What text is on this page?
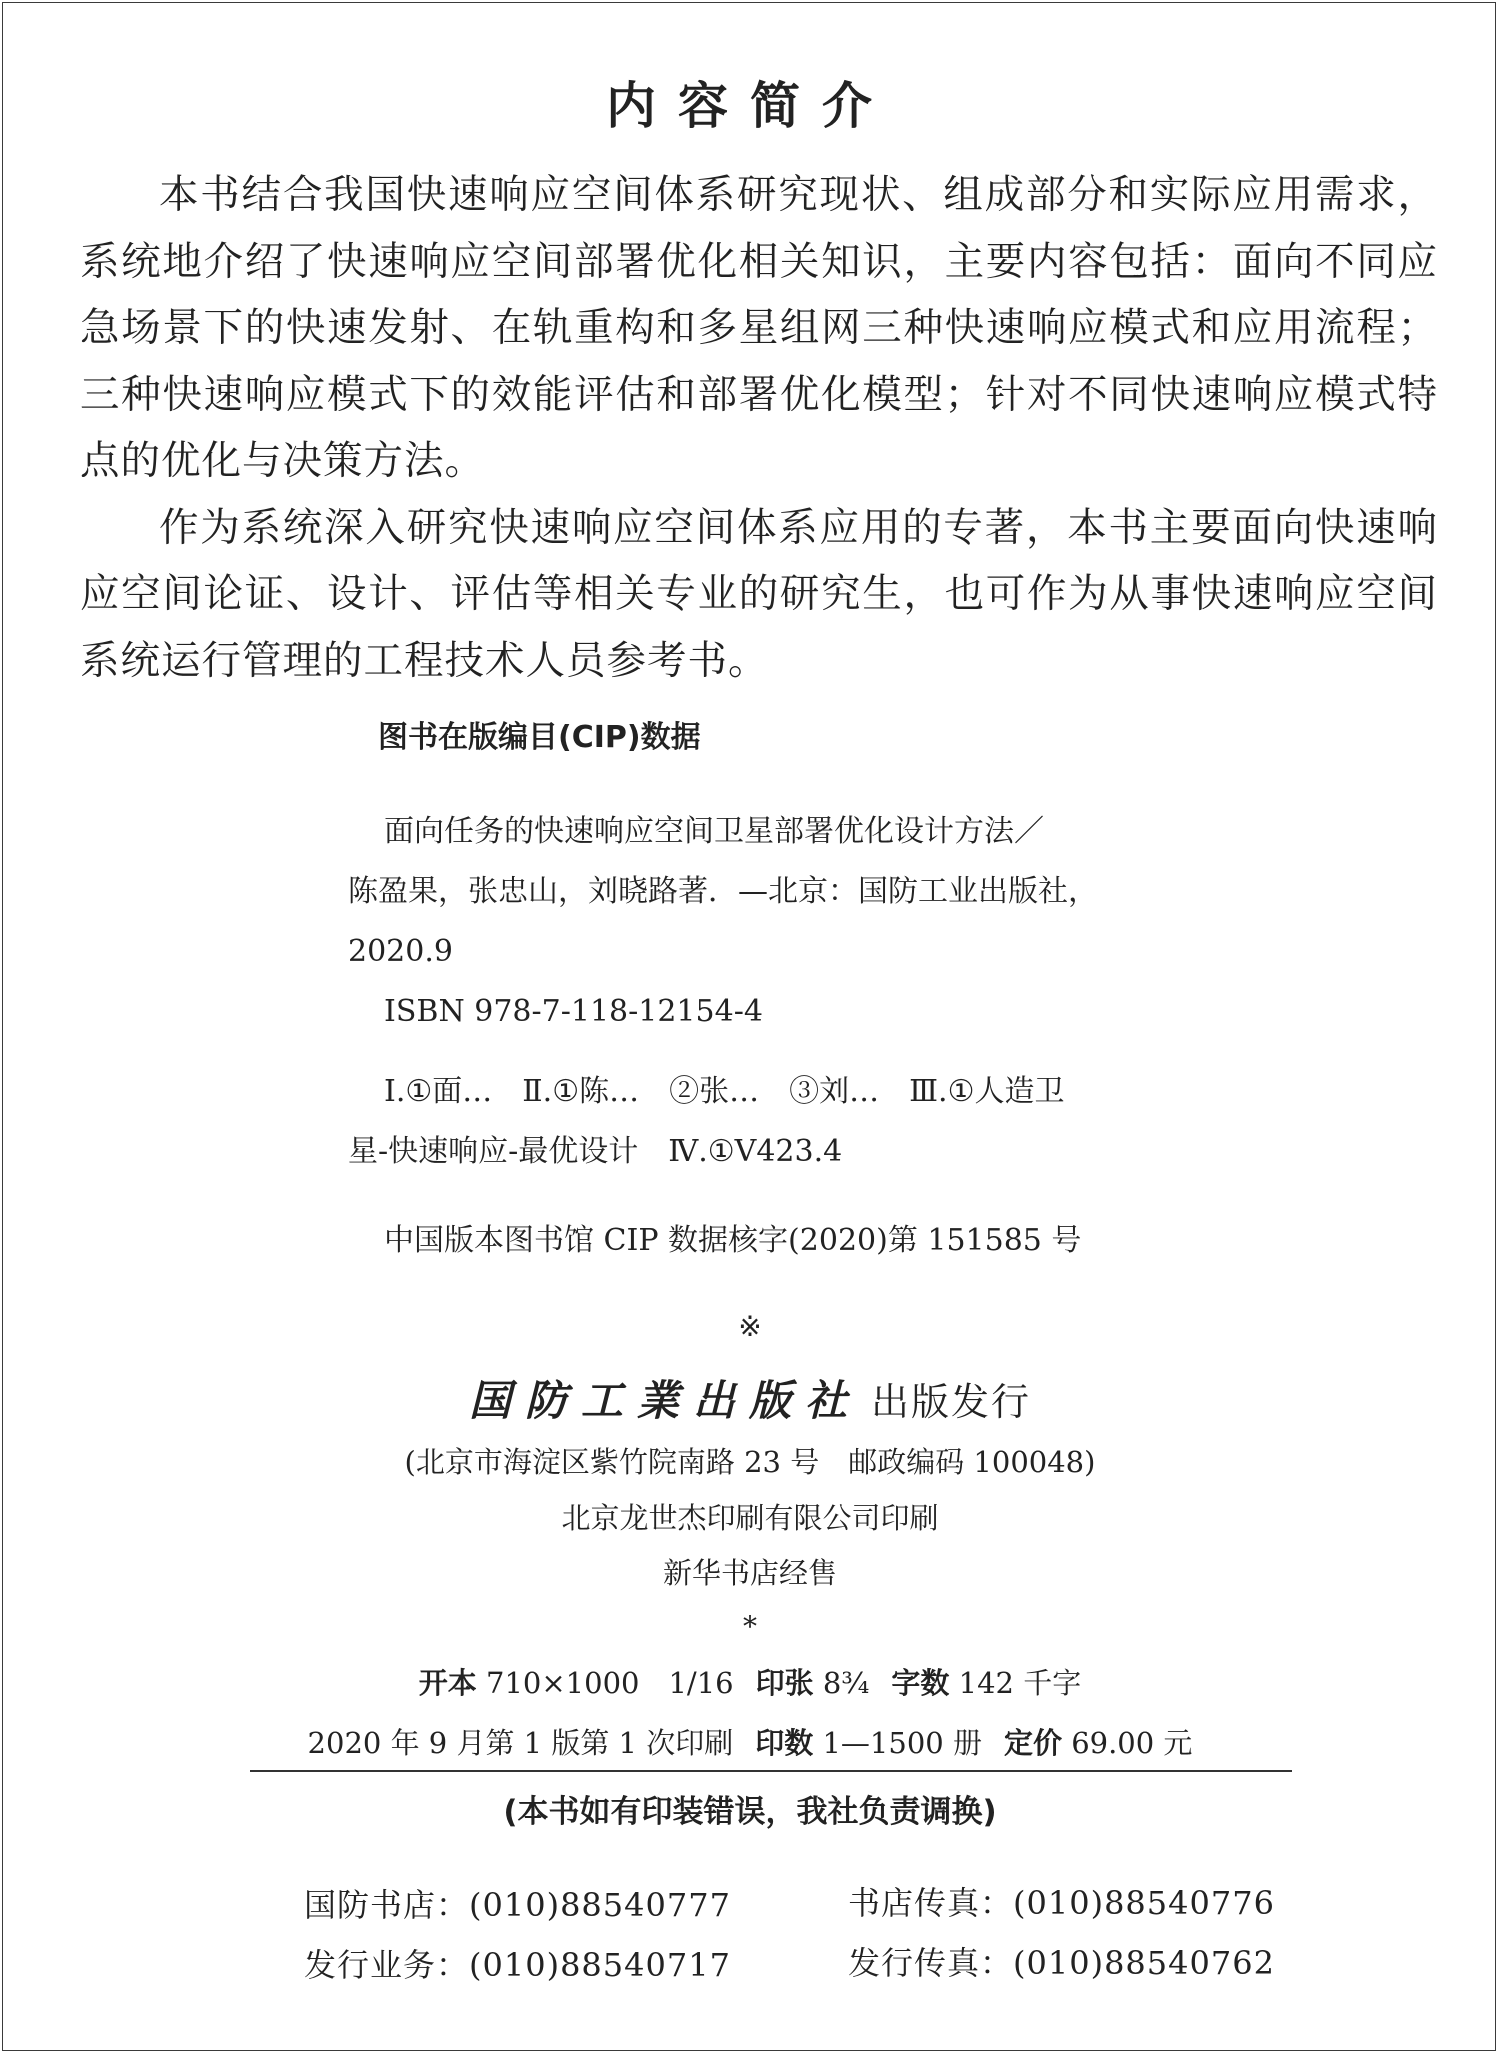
内容简介

本书结合我国快速响应空间体系研究现状、组成部分和实际应用需求，系统地介绍了快速响应空间部署优化相关知识，主要内容包括：面向不同应急场景下的快速发射、在轨重构和多星组网三种快速响应模式和应用流程；三种快速响应模式下的效能评估和部署优化模型；针对不同快速响应模式特点的优化与决策方法。

作为系统深入研究快速响应空间体系应用的专著，本书主要面向快速响应空间论证、设计、评估等相关专业的研究生，也可作为从事快速响应空间系统运行管理的工程技术人员参考书。

图书在版编目(CIP)数据
面向任务的快速响应空间卫星部署优化设计方法／
陈盈果，张忠山，刘晓路著．—北京：国防工业出版社，
2020.9
ISBN 978-7-118-12154-4
Ⅰ.①面…　Ⅱ.①陈…　②张…　③刘…　Ⅲ.①人造卫
星-快速响应-最优设计　Ⅳ.①V423.4
中国版本图书馆 CIP 数据核字(2020)第 151585 号
※
国防工業出版社 出版发行
(北京市海淀区紫竹院南路 23 号　邮政编码 100048)
北京龙世杰印刷有限公司印刷
新华书店经售
*
开本 710×1000　1/16 印张 8¾ 字数 142 千字
2020 年 9 月第 1 版第 1 次印刷 印数 1—1500 册 定价 69.00 元
(本书如有印装错误，我社负责调换)
国防书店：(010)88540777	书店传真：(010)88540776
发行业务：(010)88540717	发行传真：(010)88540762
